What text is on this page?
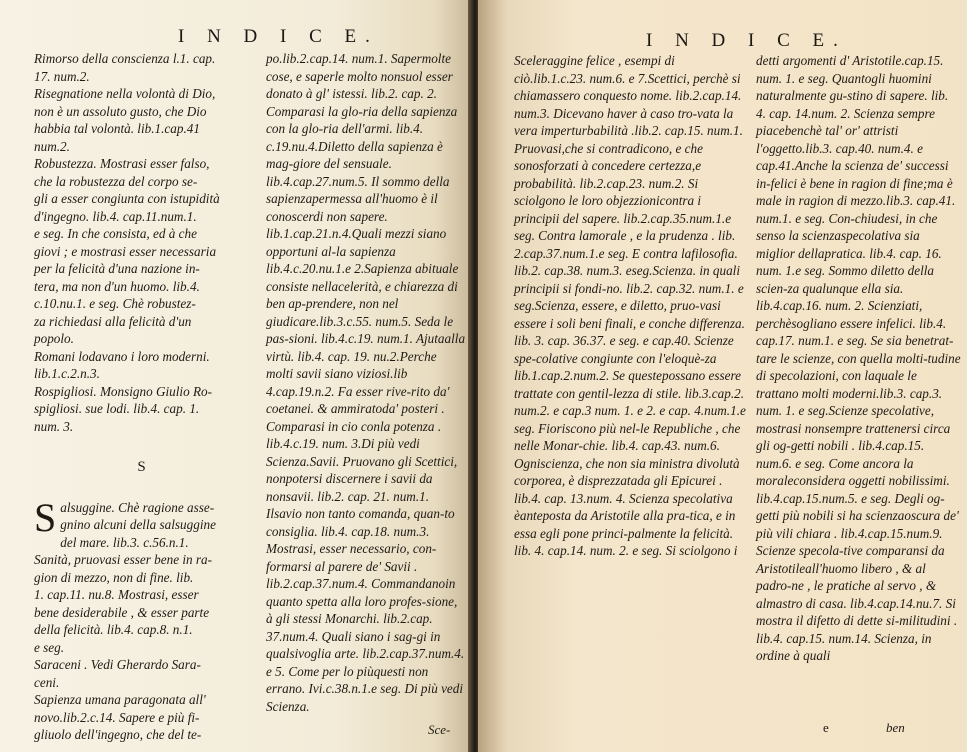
I N D I C E.
Rimorso della conscienza l.1. cap.
17. num.2.
Risegnatione nella volontà di Dio,
non è un assoluto gusto, che Dio
habbia tal volontà. lib.1.cap.41
num.2.
Robustezza. Mostrasi esser falso,
che la robustezza del corpo se-
gli a esser congiunta con istupidità
d'ingegno. lib.4. cap.11.num.1.
e seg. In che consista, ed à che
giovi ; e mostrasi esser necessaria
per la felicità d'una nazione in-
tera, ma non d'un huomo. lib.4.
c.10.nu.1. e seg. Chè robustez-
za richiedasi alla felicità d'un
popolo.
Romani lodavano i loro moderni.
lib.1.c.2.n.3.
Rospigliosi. Monsigno Giulio Ro-
spigliosi. sue lodi. lib.4. cap. 1.
num. 3.
S
S alsuggine. Chè ragione asse-
gnino alcuni della salsuggine
del mare. lib.3. c.56.n.1.
Sanità, pruovasi esser bene in ra-
gion di mezzo, non di fine. lib.
1. cap.11. nu.8. Mostrasi, esser
bene desiderabile , & esser parte
della felicità. lib.4. cap.8. n.1.
e seg.
Saraceni . Vedi Gherardo Sara-
ceni.
Sapienza umana paragonata all'
novo.lib.2.c.14. Sapere e più fi-
gliuolo dell'ingegno, che del te-
po.lib.2.cap.14. num.1. Sapermolte cose, e saperle molto nonsuol esser donato à gl' istessi. lib.2. cap. 2. Comparasi la glo-ria della sapienza con la glo-ria dell'armi. lib.4. c.19.nu.4.Diletto della sapienza è mag-giore del sensuale. lib.4.cap.27.num.5. Il sommo della sapienzapermessa all'huomo è il conoscerdi non sapere. lib.1.cap.21.n.4.Quali mezzi siano opportuni al-la sapienza lib.4.c.20.nu.1.e 2.Sapienza abituale consiste nellacelerità, e chiarezza di ben ap-prendere, non nel giudicare.lib.3.c.55. num.5. Seda le pas-sioni. lib.4.c.19. num.1. Ajutaalla virtù. lib.4. cap. 19. nu.2.Perche molti savii siano viziosi.lib 4.cap.19.n.2. Fa esser rive-rito da' coetanei. & ammiratoda' posteri . Comparasi in cio conla potenza . lib.4.c.19. num. 3.Di più vedi Scienza.Savii. Pruovano gli Scettici, nonpotersi discernere i savii da nonsavii. lib.2. cap. 21. num.1. Ilsavio non tanto comanda, quan-to consiglia. lib.4. cap.18. num.3. Mostrasi, esser necessario, con-formarsi al parere de' Savii . lib.2.cap.37.num.4. Commandanoin quanto spetta alla loro profes-sione, à gli stessi Monarchi. lib.2.cap. 37.num.4. Quali siano i sag-gi in qualsivoglia arte. lib.2.cap.37.num.4. e 5. Come per lo piùquesti non errano. Ivi.c.38.n.1.e seg. Di più vedi Scienza.
Sce-
I N D I C E.
Sceleraggine felice , esempi di ciò.lib.1.c.23. num.6. e 7.Scettici, perchè si chiamassero conquesto nome. lib.2.cap.14. num.3. Dicevano haver à caso tro-vata la vera imperturbabilità .lib.2. cap.15. num.1. Pruovasi,che si contradicono, e che sonosforzati à concedere certezza,e probabilità. lib.2.cap.23. num.2. Si sciolgono le loro objezzionicontra i principii del sapere. lib.2.cap.35.num.1.e seg. Contra lamorale , e la prudenza . lib. 2.cap.37.num.1.e seg. E contra lafilosofia. lib.2. cap.38. num.3. eseg.Scienza. in quali principii si fondi-no. lib.2. cap.32. num.1. e seg.Scienza, essere, e diletto, pruo-vasi essere i soli beni finali, e conche differenza. lib. 3. cap. 36.37. e seg. e cap.40. Scienze spe-colative congiunte con l'eloquè-za lib.1.cap.2.num.2. Se questepossano essere trattate con gentil-lezza di stile. lib.3.cap.2. num.2. e cap.3 num. 1. e 2. e cap. 4.num.1.e seg. Fioriscono più nel-le Republiche , che nelle Monar-chie. lib.4. cap.43. num.6. Ogniscienza, che non sia ministra divolutà corporea, è disprezzatada gli Epicurei . lib.4. cap. 13.num. 4. Scienza specolativa èanteposta da Aristotile alla pra-tica, e in essa egli pone princi-palmente la felicità. lib. 4. cap.14. num. 2. e seg. Si sciolgono i
detti argomenti d' Aristotile.cap.15. num. 1. e seg. Quantogli huomini naturalmente gu-stino di sapere. lib. 4. cap. 14.num. 2. Scienza sempre piacebenchè tal' or' attristi l'oggetto.lib.3. cap.40. num.4. e cap.41.Anche la scienza de' successi in-felici è bene in ragion di fine;ma è male in ragion di mezzo.lib.3. cap.41. num.1. e seg. Con-chiudesi, in che senso la scienzaspecolativa sia miglior dellapratica. lib.4. cap. 16. num. 1.e seg. Sommo diletto della scien-za qualunque ella sia. lib.4.cap.16. num. 2. Scienziati, perchèsogliano essere infelici. lib.4. cap.17. num.1. e seg. Se sia benetrat-tare le scienze, con quella molti-tudine di specolazioni, con laquale le trattano molti moderni.lib.3. cap.3. num. 1. e seg.Scienze specolative, mostrasi nonsempre trattenersi circa gli og-getti nobili . lib.4.cap.15. num.6. e seg. Come ancora la moraleconsidera oggetti nobilissimi. lib.4.cap.15.num.5. e seg. Degli og-getti più nobili si ha scienzaoscura de' più vili chiara . lib.4.cap.15.num.9. Scienze specola-tive comparansi da Aristotileall'huomo libero , & al padro-ne , le pratiche al servo , & almastro di casa. lib.4.cap.14.nu.7. Si mostra il difetto di dette si-militudini . lib.4. cap.15. num.14. Scienza, in ordine à quali
e	ben
